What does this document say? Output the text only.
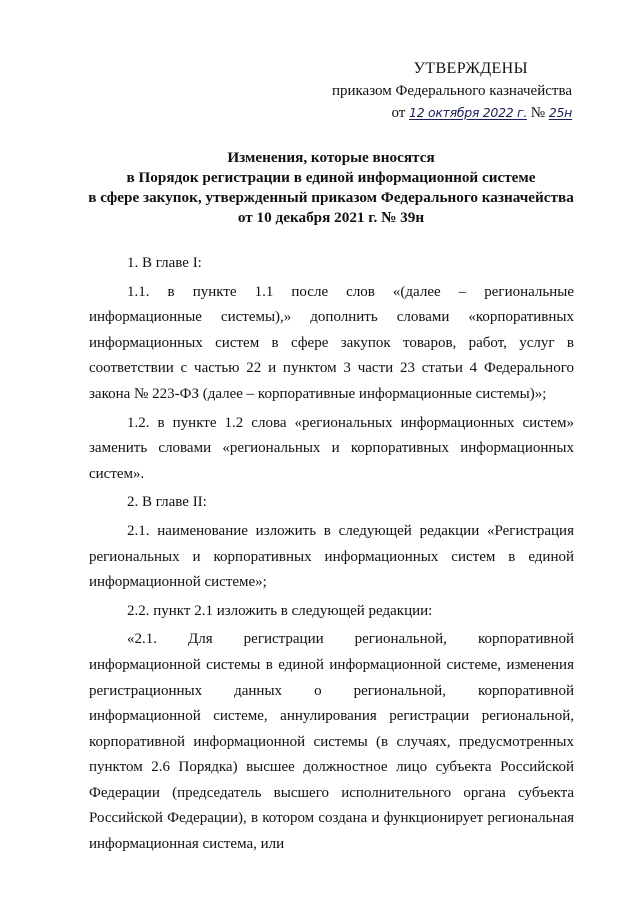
УТВЕРЖДЕНЫ
приказом Федерального казначейства
от 12 октября 2022 г. № 25н
Изменения, которые вносятся
в Порядок регистрации в единой информационной системе
в сфере закупок, утвержденный приказом Федерального казначейства
от 10 декабря 2021 г. № 39н

1. В главе I:

1.1. в пункте 1.1 после слов «(далее – региональные информационные системы),» дополнить словами «корпоративных информационных систем в сфере закупок товаров, работ, услуг в соответствии с частью 22 и пунктом 3 части 23 статьи 4 Федерального закона № 223-ФЗ (далее – корпоративные информационные системы)»;

1.2. в пункте 1.2 слова «региональных информационных систем» заменить словами «региональных и корпоративных информационных систем».

2. В главе II:

2.1. наименование изложить в следующей редакции «Регистрация региональных и корпоративных информационных систем в единой информационной системе»;

2.2. пункт 2.1 изложить в следующей редакции:

«2.1. Для регистрации региональной, корпоративной информационной системы в единой информационной системе, изменения регистрационных данных о региональной, корпоративной информационной системе, аннулирования регистрации региональной, корпоративной информационной системы (в случаях, предусмотренных пунктом 2.6 Порядка) высшее должностное лицо субъекта Российской Федерации (председатель высшего исполнительного органа субъекта Российской Федерации), в котором создана и функционирует региональная информационная система, или
